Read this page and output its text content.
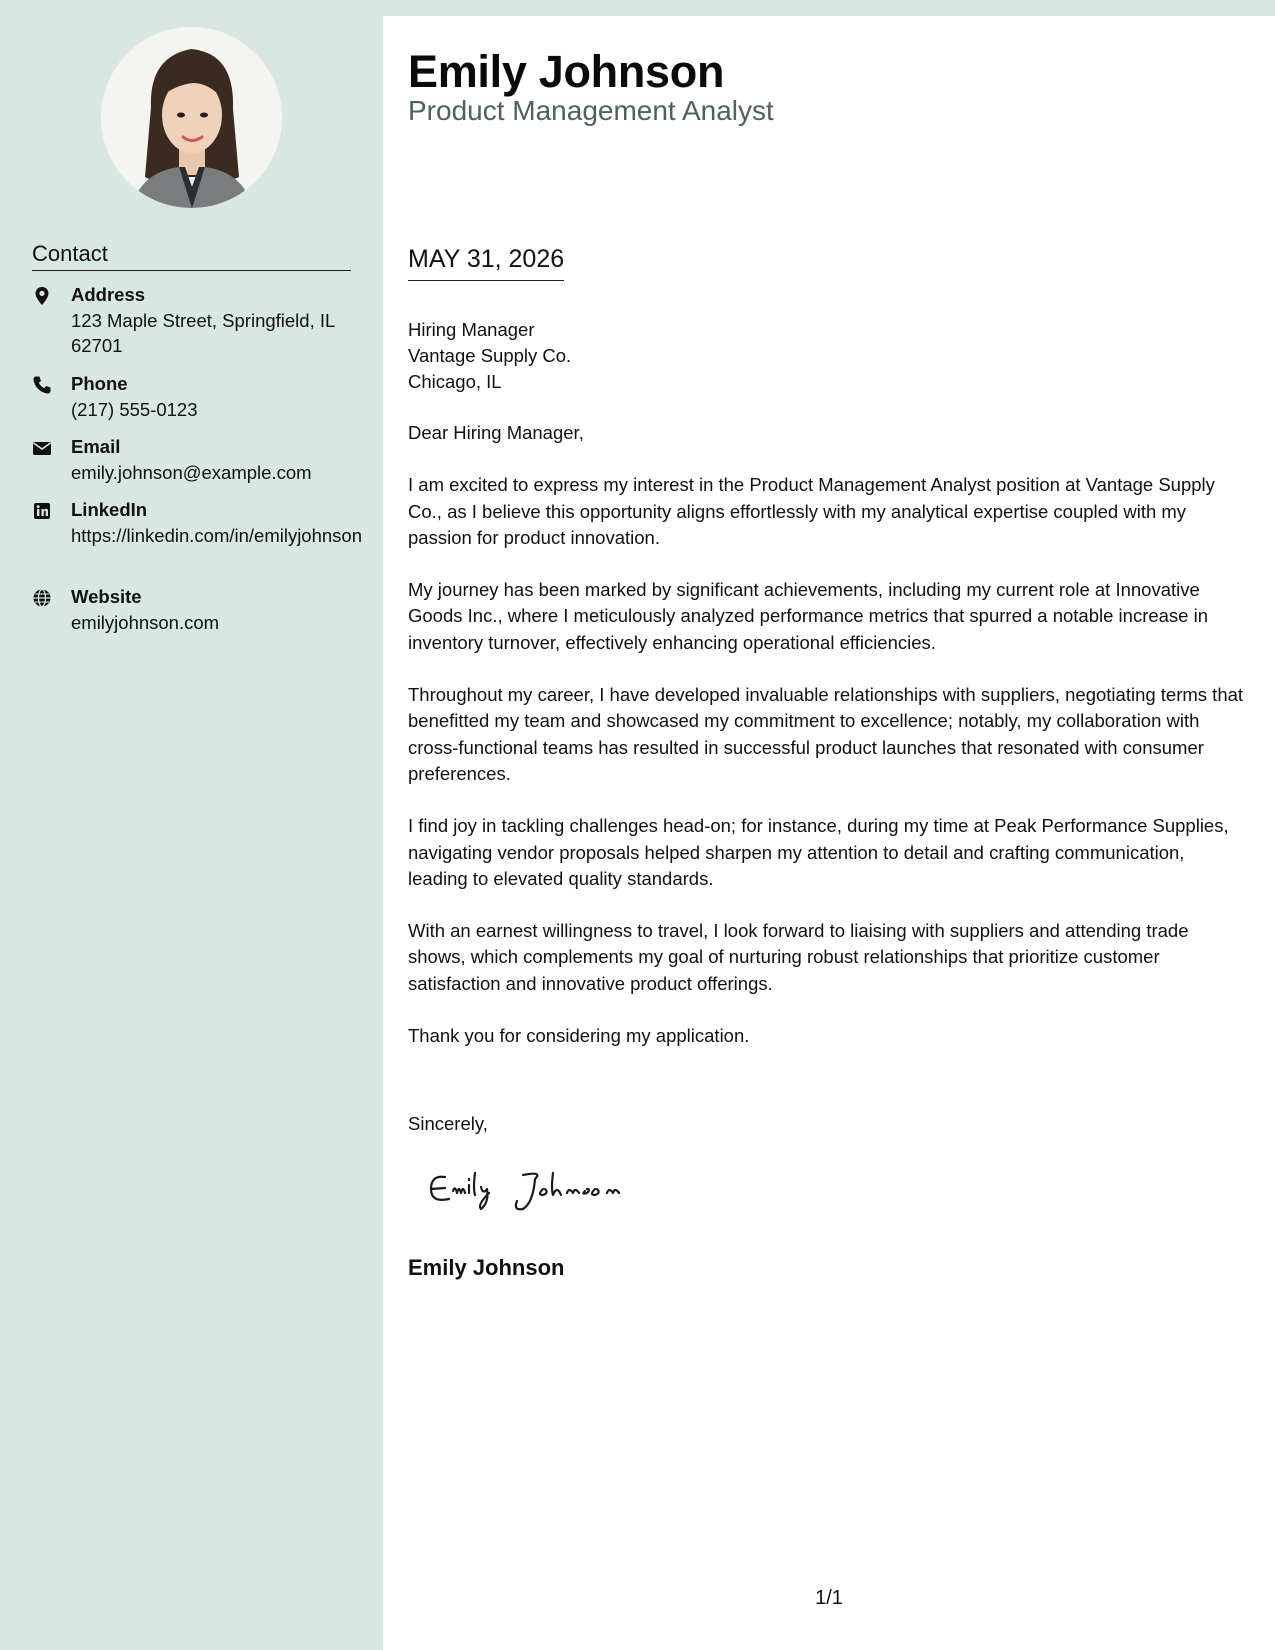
Contact
Address
123 Maple Street, Springfield, IL 62701
Phone
(217) 555-0123
Email
emily.johnson@example.com
LinkedIn
https://linkedin.com/in/emilyjohnson
Website
emilyjohnson.com
Emily Johnson
Product Management Analyst
MAY 31, 2026
Hiring Manager
Vantage Supply Co.
Chicago, IL

Dear Hiring Manager,

I am excited to express my interest in the Product Management Analyst position at Vantage Supply Co., as I believe this opportunity aligns effortlessly with my analytical expertise coupled with my passion for product innovation.

My journey has been marked by significant achievements, including my current role at Innovative Goods Inc., where I meticulously analyzed performance metrics that spurred a notable increase in inventory turnover, effectively enhancing operational efficiencies.

Throughout my career, I have developed invaluable relationships with suppliers, negotiating terms that benefitted my team and showcased my commitment to excellence; notably, my collaboration with cross-functional teams has resulted in successful product launches that resonated with consumer preferences.

I find joy in tackling challenges head-on; for instance, during my time at Peak Performance Supplies, navigating vendor proposals helped sharpen my attention to detail and crafting communication, leading to elevated quality standards.

With an earnest willingness to travel, I look forward to liaising with suppliers and attending trade shows, which complements my goal of nurturing robust relationships that prioritize customer satisfaction and innovative product offerings.

Thank you for considering my application.

Sincerely,
Emily Johnson
1/1
